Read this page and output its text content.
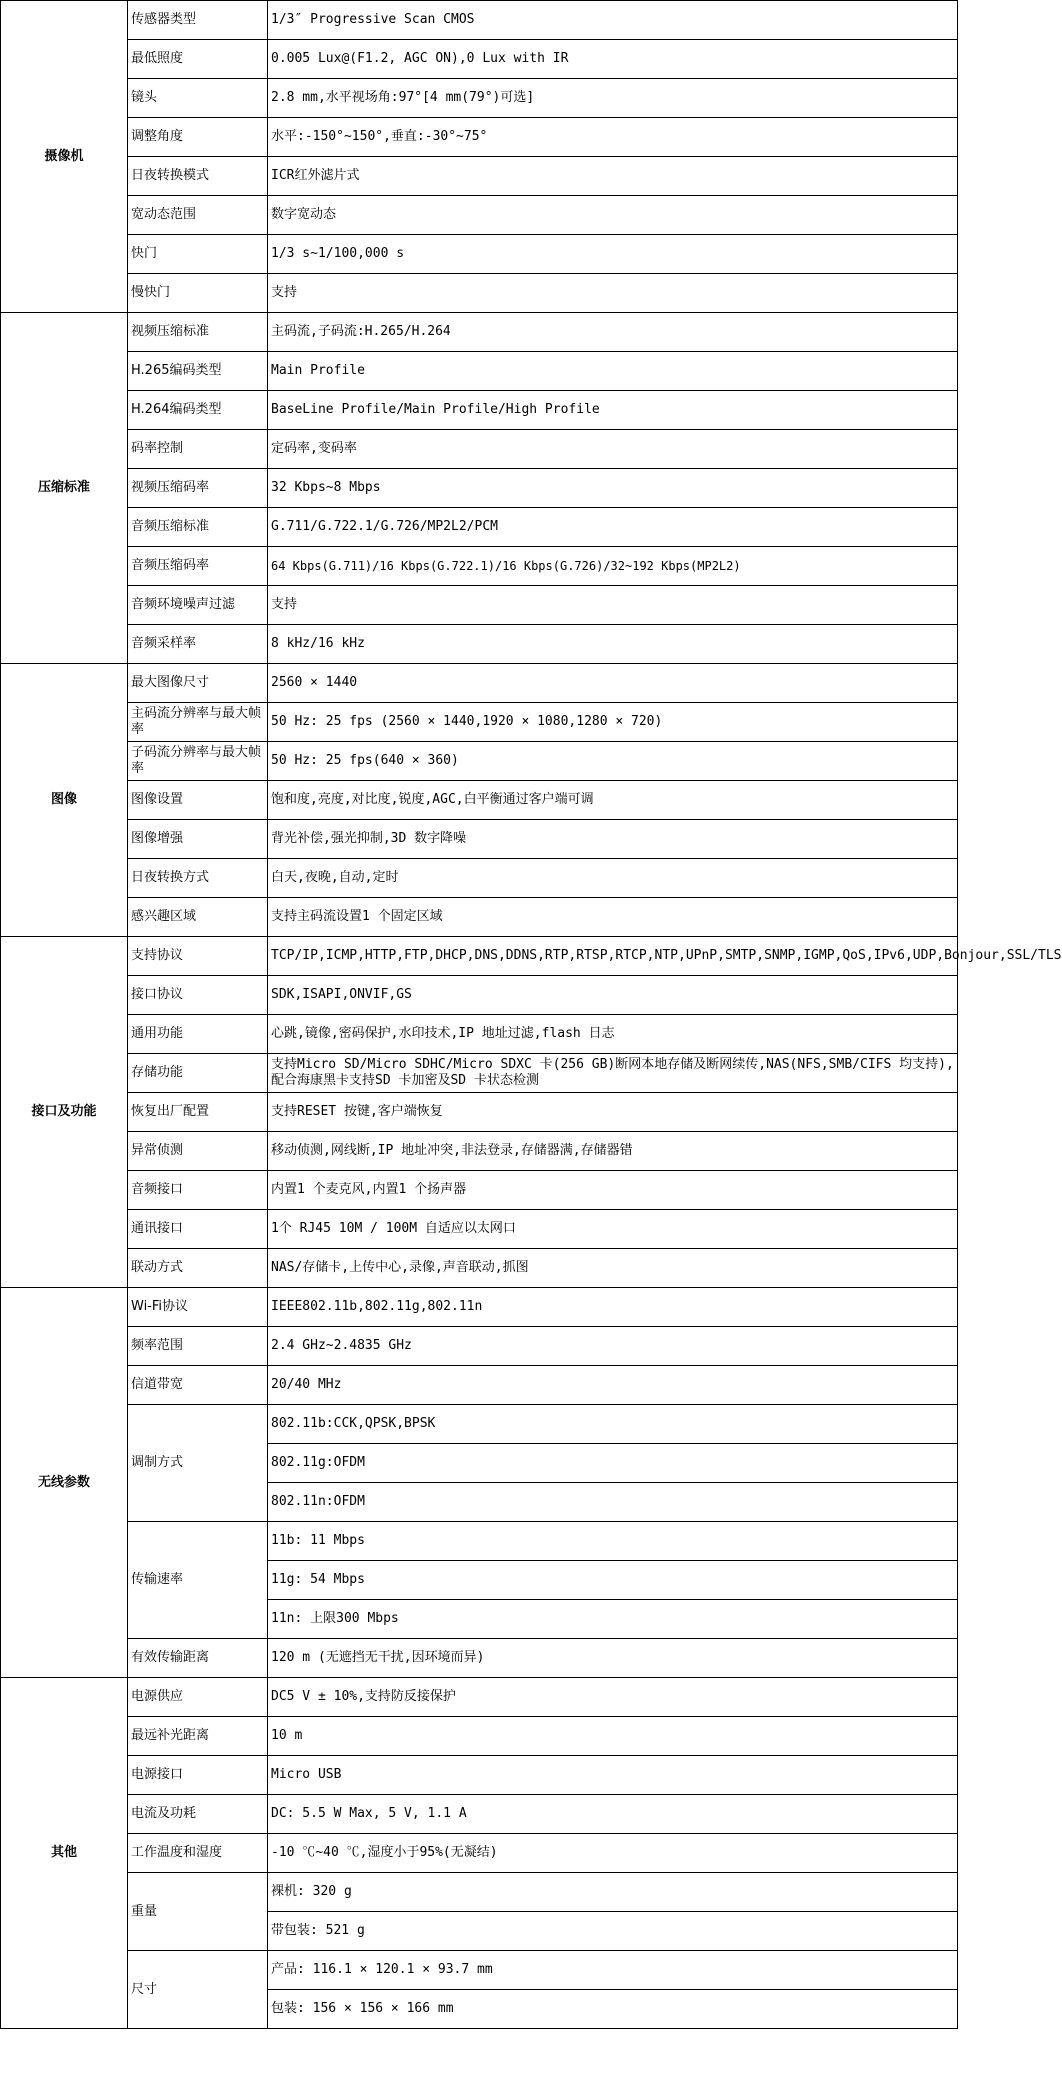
摄像机	传感器类型	1/3″ Progressive Scan CMOS
	最低照度	0.005 Lux@(F1.2, AGC ON),0 Lux with IR
	镜头	2.8 mm,水平视场角:97°[4 mm(79°)可选]
	调整角度	水平:-150°~150°,垂直:-30°~75°
	日夜转换模式	ICR红外滤片式
	宽动态范围	数字宽动态
	快门	1/3 s~1/100,000 s
	慢快门	支持
压缩标准	视频压缩标准	主码流,子码流:H.265/H.264
	H.265编码类型	Main Profile
	H.264编码类型	BaseLine Profile/Main Profile/High Profile
	码率控制	定码率,变码率
	视频压缩码率	32 Kbps~8 Mbps
	音频压缩标准	G.711/G.722.1/G.726/MP2L2/PCM
	音频压缩码率	64 Kbps(G.711)/16 Kbps(G.722.1)/16 Kbps(G.726)/32~192 Kbps(MP2L2)
	音频环境噪声过滤	支持
	音频采样率	8 kHz/16 kHz
图像	最大图像尺寸	2560 × 1440
	主码流分辨率与最大帧率	50 Hz: 25 fps (2560 × 1440,1920 × 1080,1280 × 720)
	子码流分辨率与最大帧率	50 Hz: 25 fps(640 × 360)
	图像设置	饱和度,亮度,对比度,锐度,AGC,白平衡通过客户端可调
	图像增强	背光补偿,强光抑制,3D 数字降噪
	日夜转换方式	白天,夜晚,自动,定时
	感兴趣区域	支持主码流设置1 个固定区域
接口及功能	支持协议	TCP/IP,ICMP,HTTP,FTP,DHCP,DNS,DDNS,RTP,RTSP,RTCP,NTP,UPnP,SMTP,SNMP,IGMP,QoS,IPv6,UDP,Bonjour,SSL/TLS
	接口协议	SDK,ISAPI,ONVIF,GS
	通用功能	心跳,镜像,密码保护,水印技术,IP 地址过滤,flash 日志
	存储功能	支持Micro SD/Micro SDHC/Micro SDXC 卡(256 GB)断网本地存储及断网续传,NAS(NFS,SMB/CIFS 均支持), 配合海康黑卡支持SD 卡加密及SD 卡状态检测
	恢复出厂配置	支持RESET 按键,客户端恢复
	异常侦测	移动侦测,网线断,IP 地址冲突,非法登录,存储器满,存储器错
	音频接口	内置1 个麦克风,内置1 个扬声器
	通讯接口	1个 RJ45 10M / 100M 自适应以太网口
	联动方式	NAS/存储卡,上传中心,录像,声音联动,抓图
无线参数	Wi-Fi协议	IEEE802.11b,802.11g,802.11n
	频率范围	2.4 GHz~2.4835 GHz
	信道带宽	20/40 MHz
	调制方式	802.11b:CCK,QPSK,BPSK
		802.11g:OFDM
		802.11n:OFDM
	传输速率	11b: 11 Mbps
		11g: 54 Mbps
		11n: 上限300 Mbps
	有效传输距离	120 m (无遮挡无干扰,因环境而异)
其他	电源供应	DC5 V ± 10%,支持防反接保护
	最远补光距离	10 m
	电源接口	Micro USB
	电流及功耗	DC: 5.5 W Max, 5 V, 1.1 A
	工作温度和湿度	-10 ℃~40 ℃,湿度小于95%(无凝结)
	重量	裸机: 320 g
		带包装: 521 g
	尺寸	产品: 116.1 × 120.1 × 93.7 mm
		包装: 156 × 156 × 166 mm
